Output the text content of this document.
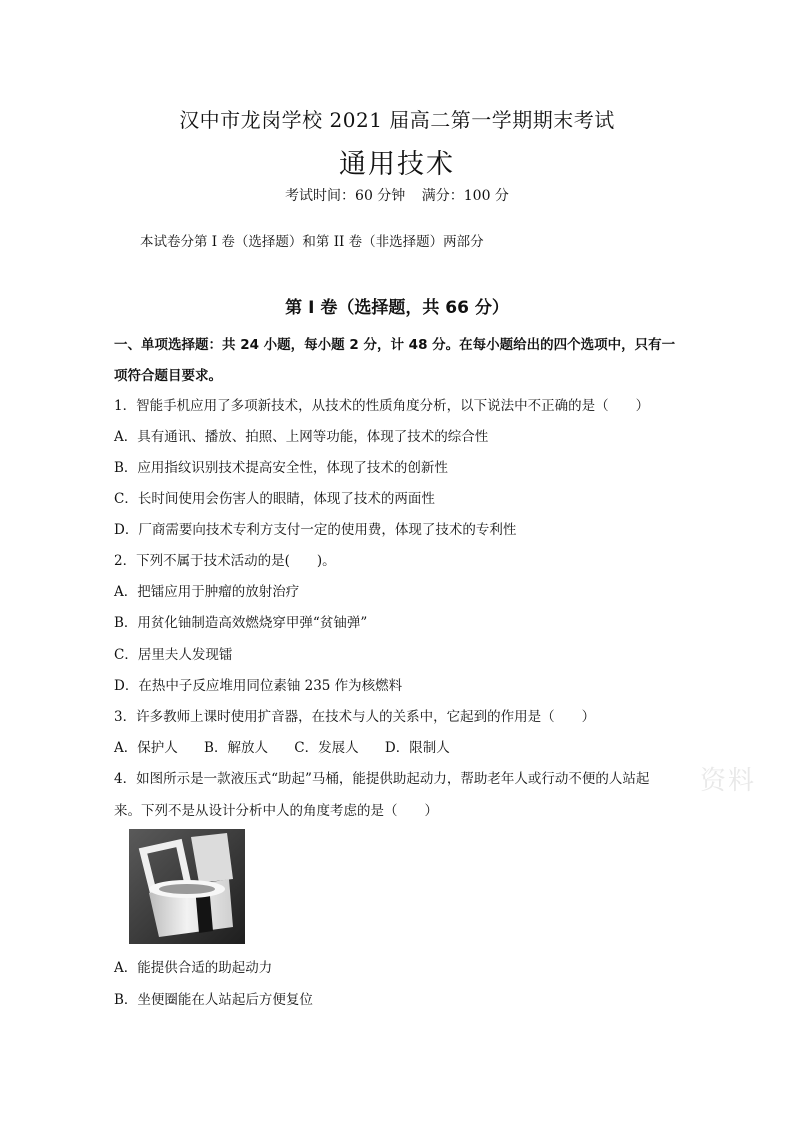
汉中市龙岗学校 2021 届高二第一学期期末考试
通用技术
考试时间：60 分钟 满分：100 分
本试卷分第 I 卷（选择题）和第 II 卷（非选择题）两部分
第 I 卷（选择题，共 66 分）
一、单项选择题：共 24 小题，每小题 2 分，计 48 分。在每小题给出的四个选项中，只有一
项符合题目要求。
1．智能手机应用了多项新技术，从技术的性质角度分析，以下说法中不正确的是（　　）
A．具有通讯、播放、拍照、上网等功能，体现了技术的综合性
B．应用指纹识别技术提高安全性，体现了技术的创新性
C．长时间使用会伤害人的眼睛，体现了技术的两面性
D．厂商需要向技术专利方支付一定的使用费，体现了技术的专利性
2．下列不属于技术活动的是(　　)。
A．把镭应用于肿瘤的放射治疗
B．用贫化铀制造高效燃烧穿甲弹“贫铀弹”
C．居里夫人发现镭
D．在热中子反应堆用同位素铀 235 作为核燃料
3．许多教师上课时使用扩音器，在技术与人的关系中，它起到的作用是（　　）
A．保护人 B．解放人 C．发展人 D．限制人
4．如图所示是一款液压式“助起”马桶，能提供助起动力，帮助老年人或行动不便的人站起
来。下列不是从设计分析中人的角度考虑的是（　　）
资料
A．能提供合适的助起动力
B．坐便圈能在人站起后方便复位
